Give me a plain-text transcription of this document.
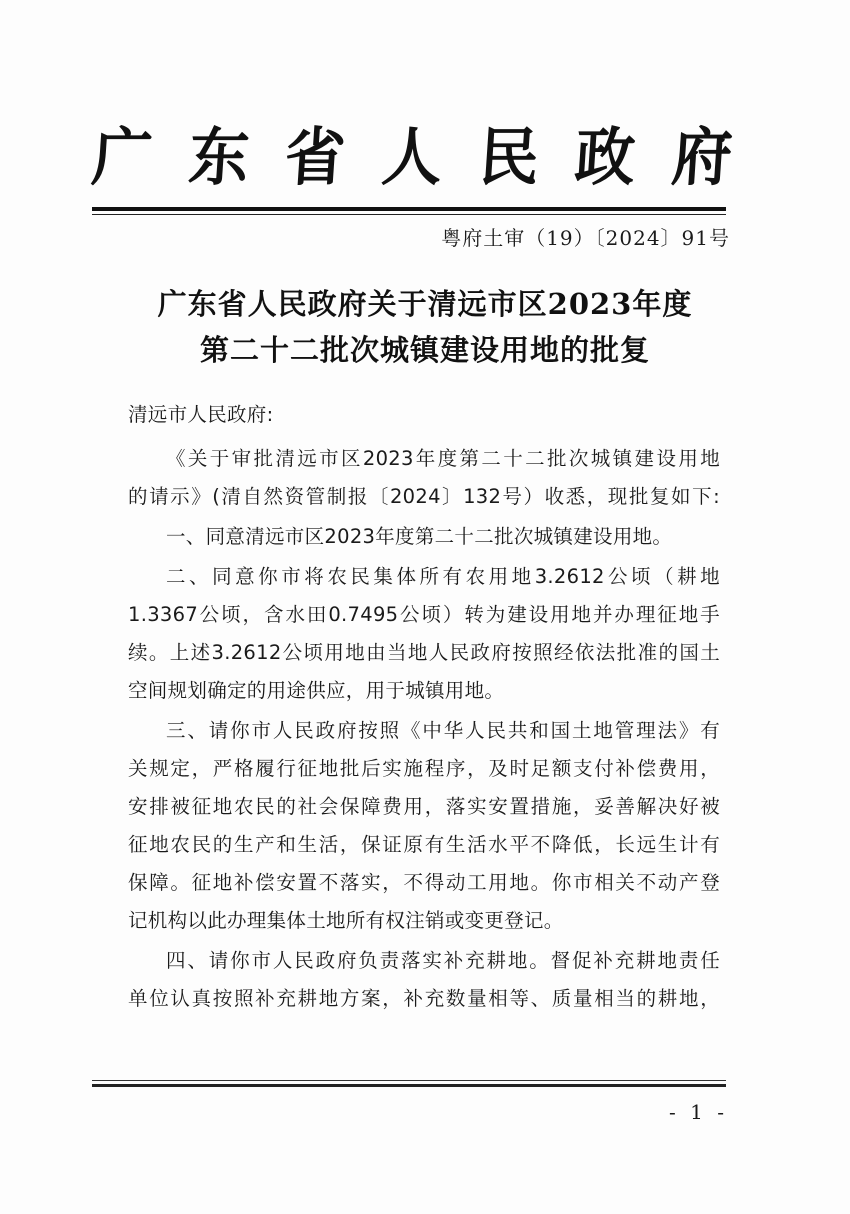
广 东 省 人 民 政 府
粤府土审（19）〔2024〕91号
广东省人民政府关于清远市区2023年度
第二十二批次城镇建设用地的批复
清远市人民政府:
《关于审批清远市区2023年度第二十二批次城镇建设用地
的请示》(清自然资管制报〔2024〕132号）收悉，现批复如下:
一、同意清远市区2023年度第二十二批次城镇建设用地。
二、同意你市将农民集体所有农用地3.2612公顷（耕地
1.3367公顷，含水田0.7495公顷）转为建设用地并办理征地手
续。上述3.2612公顷用地由当地人民政府按照经依法批准的国土
空间规划确定的用途供应，用于城镇用地。
三、请你市人民政府按照《中华人民共和国土地管理法》有
关规定，严格履行征地批后实施程序，及时足额支付补偿费用，
安排被征地农民的社会保障费用，落实安置措施，妥善解决好被
征地农民的生产和生活，保证原有生活水平不降低，长远生计有
保障。征地补偿安置不落实，不得动工用地。你市相关不动产登
记机构以此办理集体土地所有权注销或变更登记。
四、请你市人民政府负责落实补充耕地。督促补充耕地责任
单位认真按照补充耕地方案，补充数量相等、质量相当的耕地，
- 1 -
